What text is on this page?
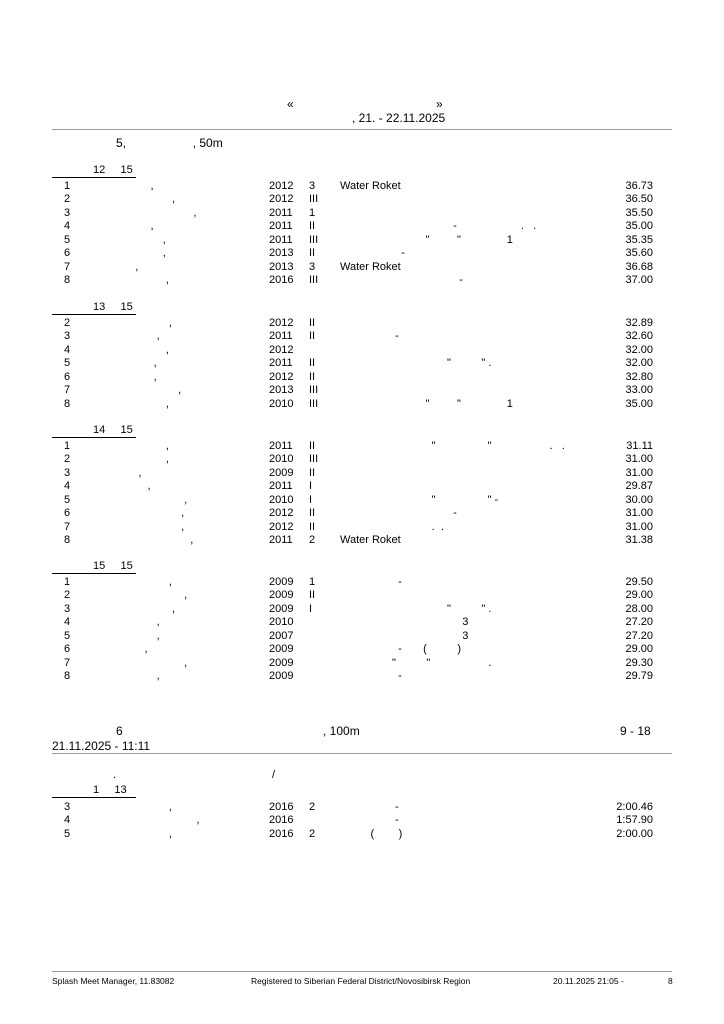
«	»
, 21. - 22.11.2025
5,                    , 50m
12     15
1	,	2012 3 Water Roket	36.73
2	,	2012 III	36.50
3	,	2011 1	35.50
4	,	2011 II -                     .   .	35.00
5	,	2011 III "         "               1	35.35
6	,	2013 II -	35.60
7	,	2013 3 Water Roket	36.68
8	,	2016 III -	37.00
13     15
2	,	2012 II	32.89
3	,	2011 II -	32.60
4	,	2012	32.00
5	,	2011 II "          " .	32.00
6	,	2012 II	32.80
7	,	2013 III	33.00
8	,	2010 III "         "               1	35.00
14     15
1	,	2011 II "                 "                   .   .	31.11
2	,	2010 III	31.00
3	,	2009 II	31.00
4	,	2011 I	29.87
5	,	2010 I	"                 " -	30.00
6	,	2012 II -	31.00
7	,	2012 II .  .	31.00
8	,	2011 2 Water Roket	31.38
15     15
1	,	2009 1 -	29.50
2	,	2009 II	29.00
3	,	2009 I	"          " .	28.00
4	,	2010	3	27.20
5	,	2007	3	27.20
6	,	2009	-       (          )	29.00
7	,	2009	"          "                   .	29.30
8	,	2009	-	29.79
6	, 100m	9 - 18
21.11.2025 - 11:11
.	/
1     13
3	,	2016 2 -	2:00.46
4	,	2016	-	1:57.90
5	,	2016 2 (        )	2:00.00
Splash Meet Manager, 11.83082	Registered to Siberian Federal District/Novosibirsk Region	20.11.2025 21:05 -	8
